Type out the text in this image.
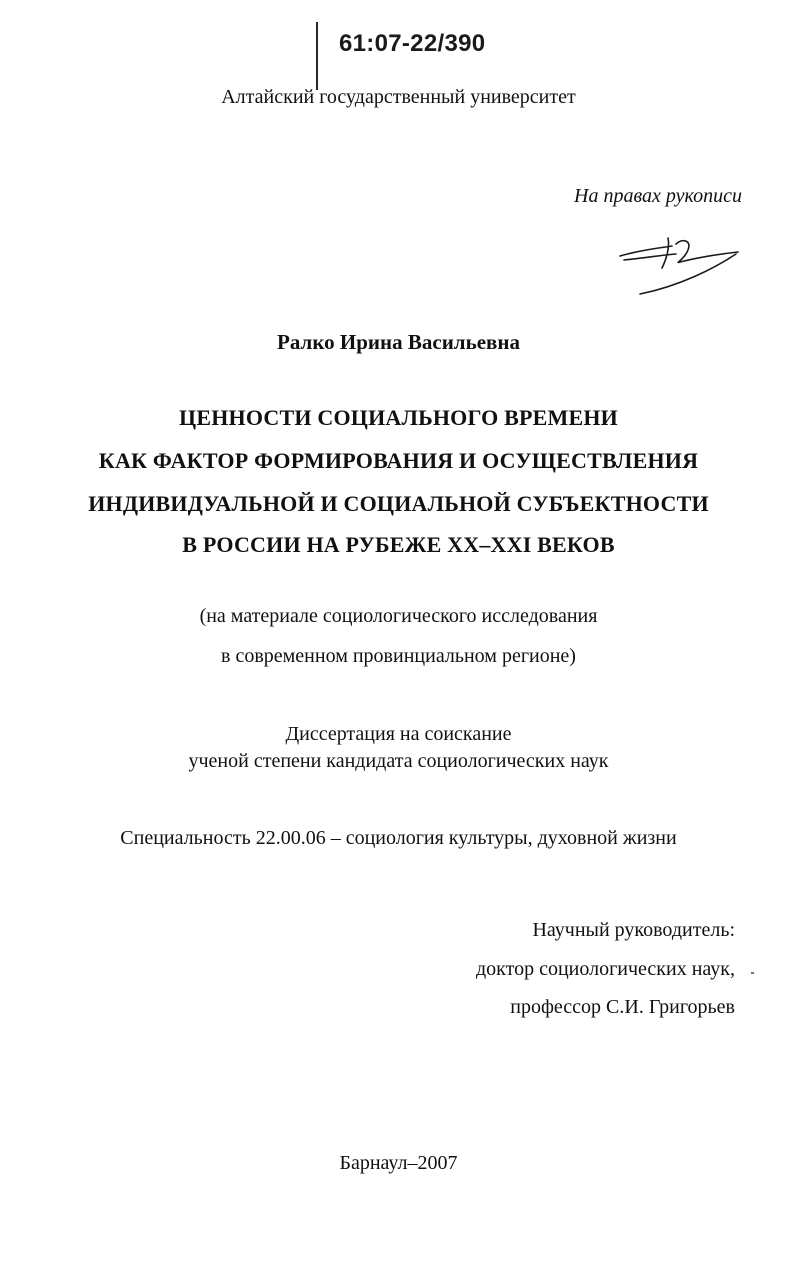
61:07-22/390
Алтайский государственный университет
На правах рукописи
Ралко Ирина Васильевна
ЦЕННОСТИ СОЦИАЛЬНОГО ВРЕМЕНИ
КАК ФАКТОР ФОРМИРОВАНИЯ И ОСУЩЕСТВЛЕНИЯ
ИНДИВИДУАЛЬНОЙ И СОЦИАЛЬНОЙ СУБЪЕКТНОСТИ
В РОССИИ НА РУБЕЖЕ XX–XXI ВЕКОВ
(на материале социологического исследования
в современном провинциальном регионе)
Диссертация на соискание
ученой степени кандидата социологических наук
Специальность 22.00.06 – социология культуры, духовной жизни
Научный руководитель:
доктор социологических наук,
профессор С.И. Григорьев
Барнаул–2007
